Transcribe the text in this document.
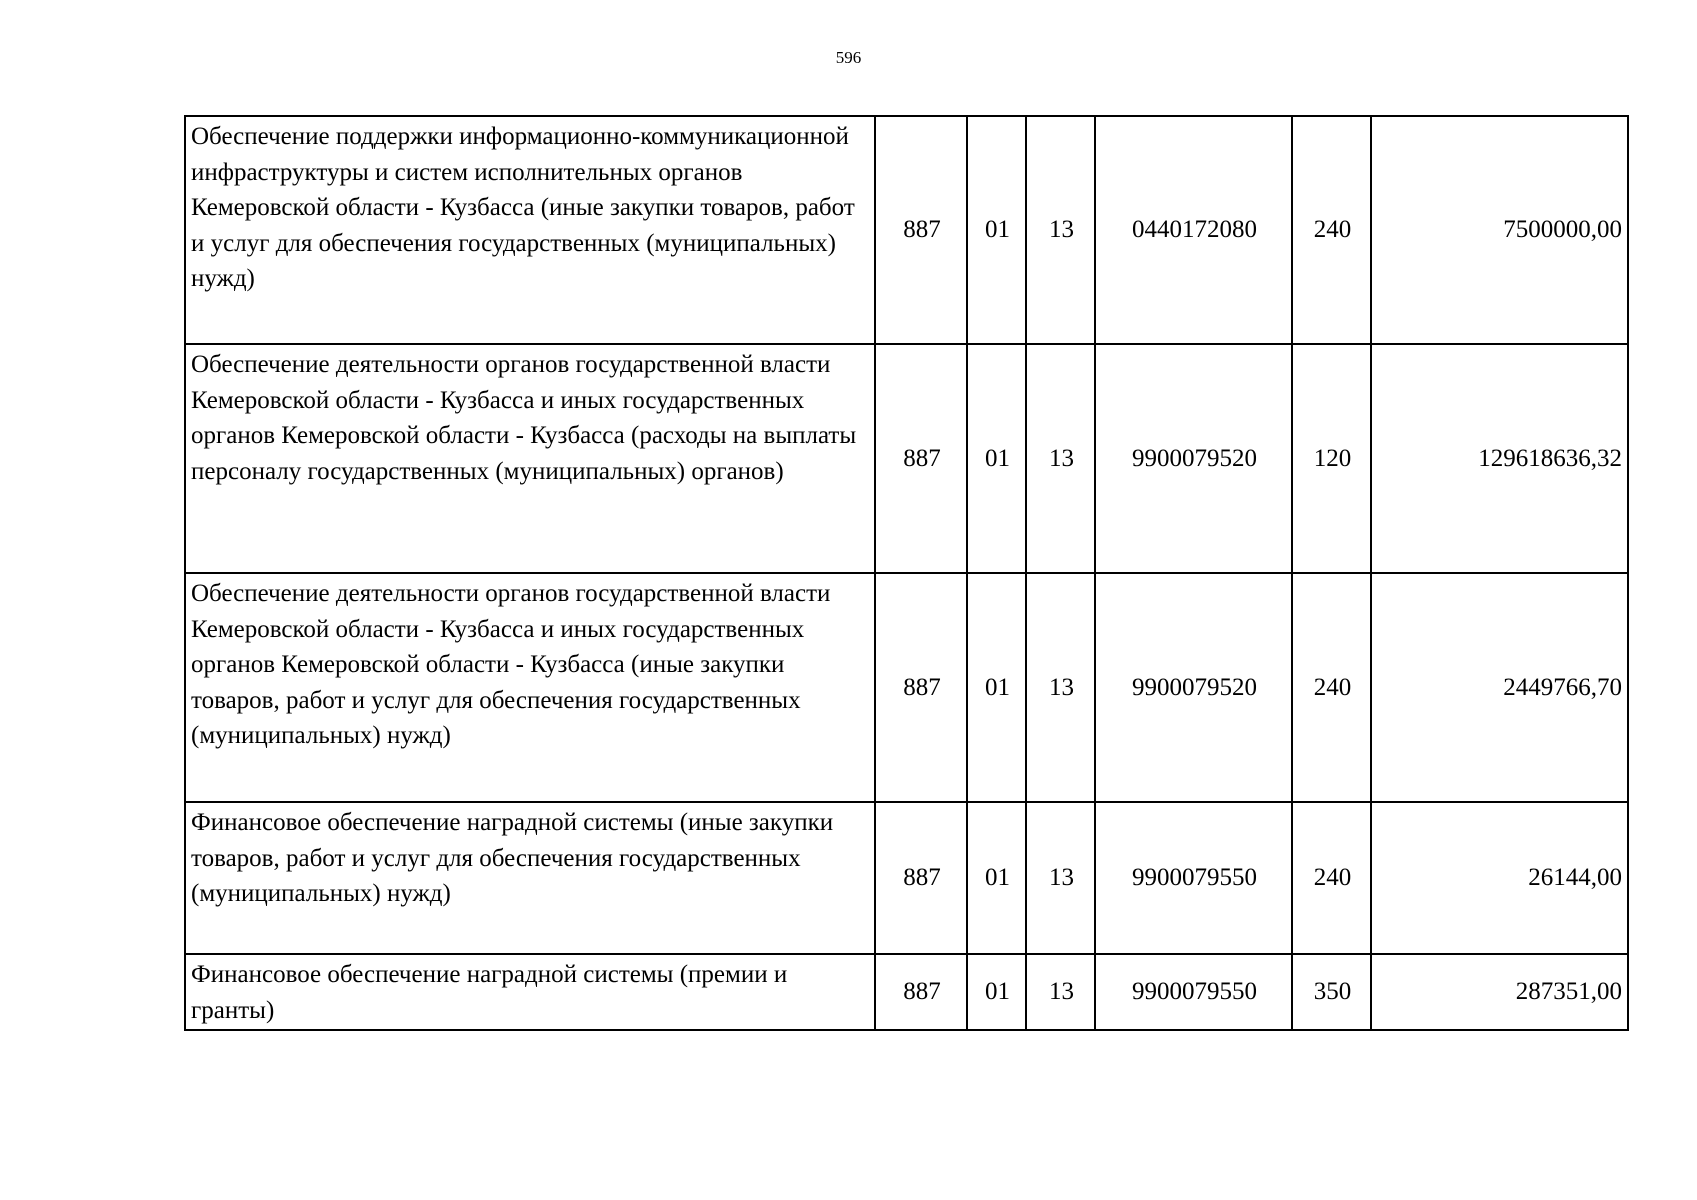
596
Обеспечение поддержки информационно-коммуникационной инфраструктуры и систем исполнительных органов Кемеровской области - Кузбасса (иные закупки товаров, работ и услуг для обеспечения государственных (муниципальных) нужд)	887	01	13	0440172080	240	7500000,00
Обеспечение деятельности органов государственной власти Кемеровской области - Кузбасса и иных государственных органов Кемеровской области - Кузбасса (расходы на выплаты персоналу государственных (муниципальных) органов)	887	01	13	9900079520	120	129618636,32
Обеспечение деятельности органов государственной власти Кемеровской области - Кузбасса и иных государственных органов Кемеровской области - Кузбасса (иные закупки товаров, работ и услуг для обеспечения государственных (муниципальных) нужд)	887	01	13	9900079520	240	2449766,70
Финансовое обеспечение наградной системы (иные закупки товаров, работ и услуг для обеспечения государственных (муниципальных) нужд)	887	01	13	9900079550	240	26144,00
Финансовое обеспечение наградной системы (премии и гранты)	887	01	13	9900079550	350	287351,00
